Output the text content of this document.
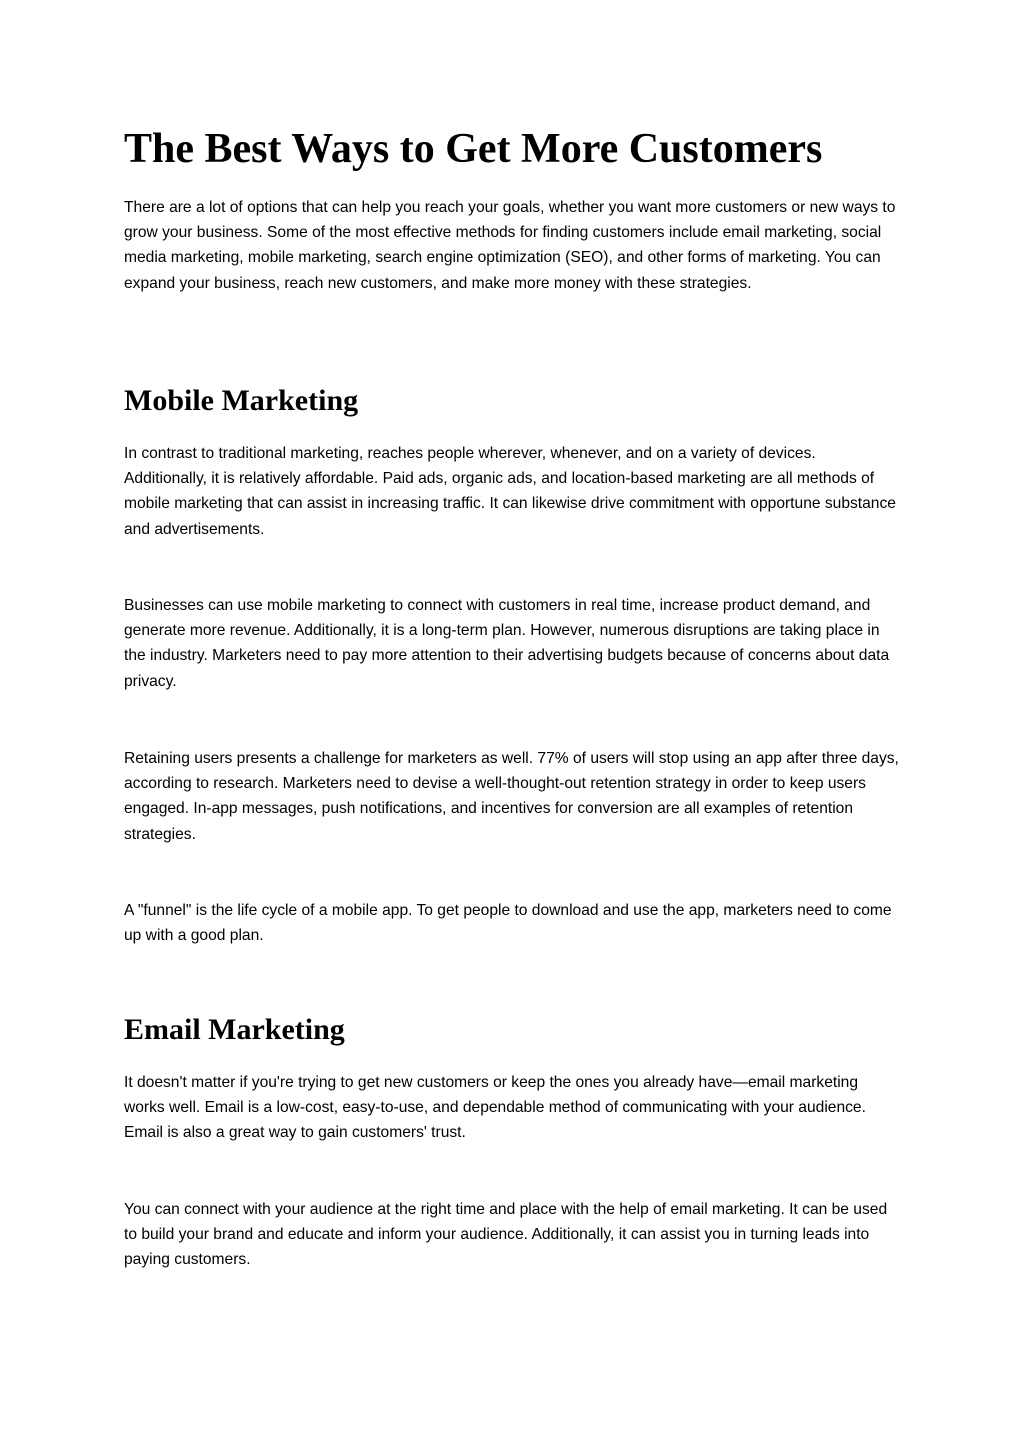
The Best Ways to Get More Customers

There are a lot of options that can help you reach your goals, whether you want more customers or new ways to grow your business. Some of the most effective methods for finding customers include email marketing, social media marketing, mobile marketing, search engine optimization (SEO), and other forms of marketing. You can expand your business, reach new customers, and make more money with these strategies.

Mobile Marketing

In contrast to traditional marketing, reaches people wherever, whenever, and on a variety of devices. Additionally, it is relatively affordable. Paid ads, organic ads, and location-based marketing are all methods of mobile marketing that can assist in increasing traffic. It can likewise drive commitment with opportune substance and advertisements.

Businesses can use mobile marketing to connect with customers in real time, increase product demand, and generate more revenue. Additionally, it is a long-term plan. However, numerous disruptions are taking place in the industry. Marketers need to pay more attention to their advertising budgets because of concerns about data privacy.

Retaining users presents a challenge for marketers as well. 77% of users will stop using an app after three days, according to research. Marketers need to devise a well-thought-out retention strategy in order to keep users engaged. In-app messages, push notifications, and incentives for conversion are all examples of retention strategies.

A "funnel" is the life cycle of a mobile app. To get people to download and use the app, marketers need to come up with a good plan.

Email Marketing

It doesn't matter if you're trying to get new customers or keep the ones you already have—email marketing works well. Email is a low-cost, easy-to-use, and dependable method of communicating with your audience. Email is also a great way to gain customers' trust.

You can connect with your audience at the right time and place with the help of email marketing. It can be used to build your brand and educate and inform your audience. Additionally, it can assist you in turning leads into paying customers.
